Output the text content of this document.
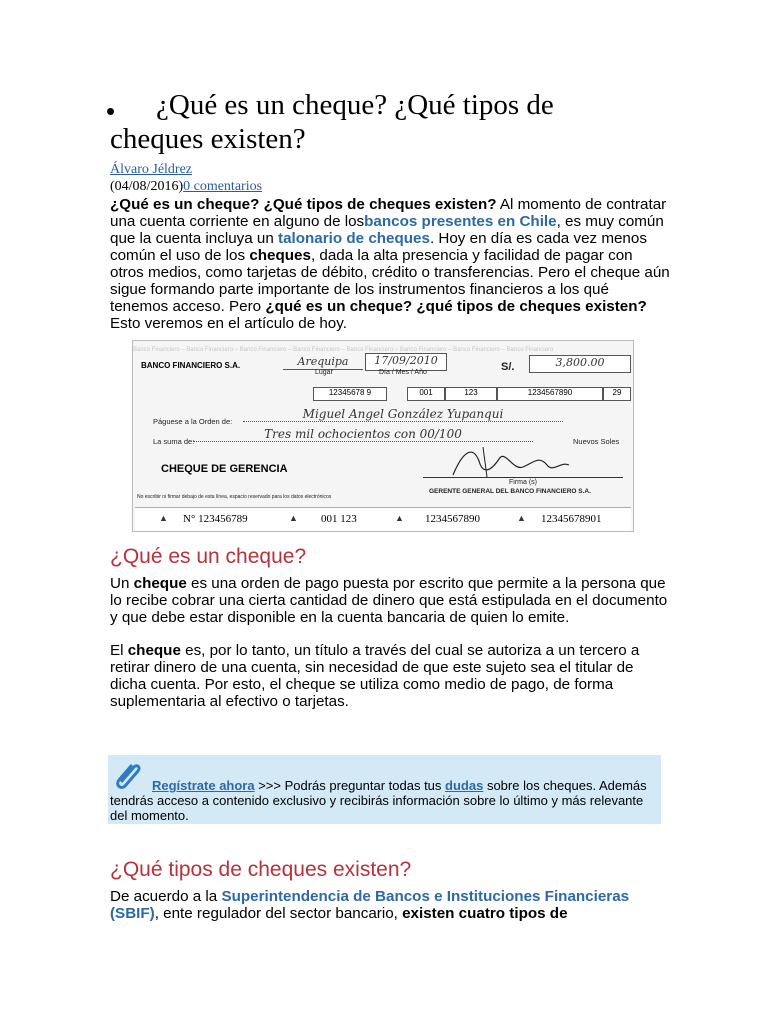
• ¿Qué es un cheque? ¿Qué tipos de
cheques existen?
Álvaro Jéldrez
(04/08/2016)0 comentarios
¿Qué es un cheque? ¿Qué tipos de cheques existen? Al momento de contratar una cuenta corriente en alguno de losbancos presentes en Chile, es muy común que la cuenta incluya un talonario de cheques. Hoy en día es cada vez menos común el uso de los cheques, dada la alta presencia y facilidad de pagar con otros medios, como tarjetas de débito, crédito o transferencias. Pero el cheque aún sigue formando parte importante de los instrumentos financieros a los qué tenemos acceso. Pero ¿qué es un cheque? ¿qué tipos de cheques existen? Esto veremos en el artículo de hoy.
Banco Financiero – Banco Financiero – Banco Financiero – Banco Financiero – Banco Financiero – Banco Financiero – Banco Financiero – Banco Financiero
BANCO FINANCIERO S.A.	Arequipa
Lugar
17/09/2010
Día / Mes / Año	S/.	3,800.00
12345678 9	001	123	1234567890	29
Páguese a la Orden de:
Miguel Angel González Yupanqui
La suma de:
Tres mil ochocientos con 00/100
Nuevos Soles
CHEQUE DE GERENCIA
Firma (s)
GERENTE GENERAL DEL BANCO FINANCIERO S.A.
No escribir ni firmar debajo de esta línea, espacio reservado para los datos electrónicos
▲ N° 123456789	▲ 001 123	▲ 1234567890	▲ 12345678901
¿Qué es un cheque?
Un cheque es una orden de pago puesta por escrito que permite a la persona que lo recibe cobrar una cierta cantidad de dinero que está estipulada en el documento y que debe estar disponible en la cuenta bancaria de quien lo emite.
El cheque es, por lo tanto, un título a través del cual se autoriza a un tercero a retirar dinero de una cuenta, sin necesidad de que este sujeto sea el titular de dicha cuenta. Por esto, el cheque se utiliza como medio de pago, de forma suplementaria al efectivo o tarjetas.
Regístrate ahora >>> Podrás preguntar todas tus dudas sobre los cheques. Además tendrás acceso a contenido exclusivo y recibirás información sobre lo último y más relevante del momento.
¿Qué tipos de cheques existen?
De acuerdo a la Superintendencia de Bancos e Instituciones Financieras (SBIF), ente regulador del sector bancario, existen cuatro tipos de
